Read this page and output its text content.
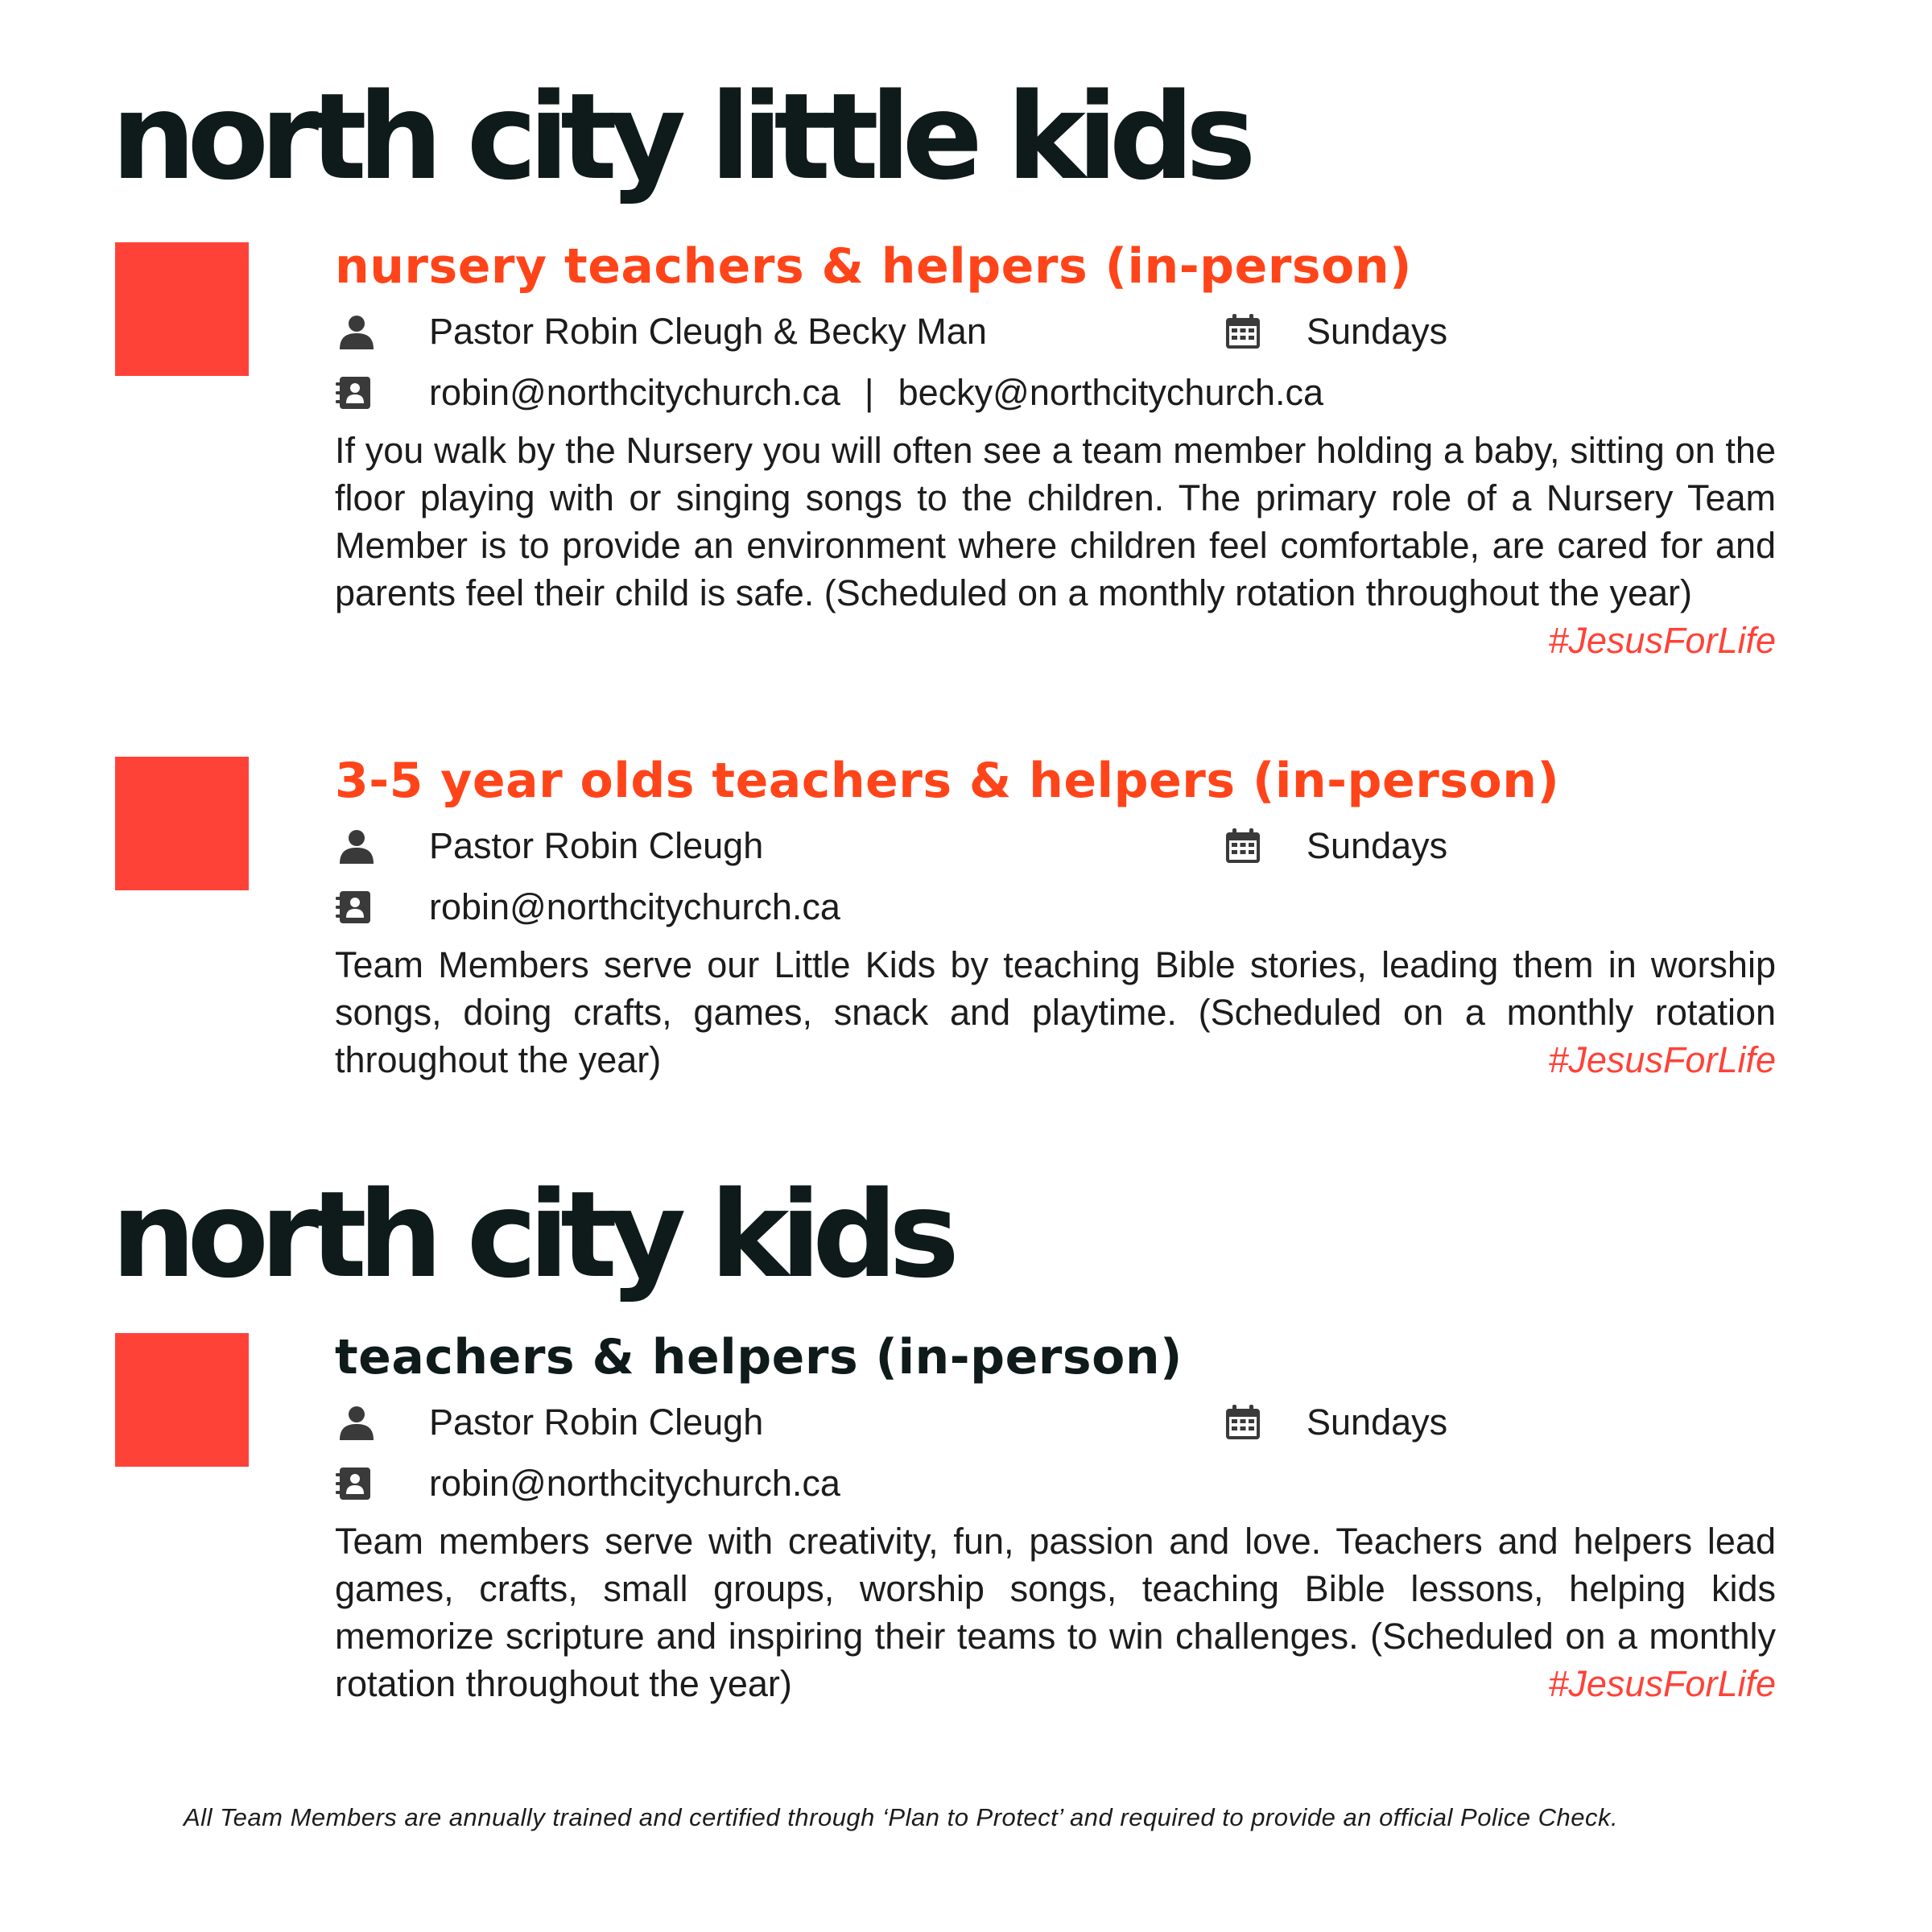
north city little kids
nursery teachers & helpers (in-person)
Pastor Robin Cleugh & Becky Man	Sundays
robin@northcitychurch.ca | becky@northcitychurch.ca

If you walk by the Nursery you will often see a team member holding a baby, sitting on the floor playing with or singing songs to the children. The primary role of a Nursery Team Member is to provide an environment where children feel comfortable, are cared for and parents feel their child is safe. (Scheduled on a monthly rotation throughout the year)
#JesusForLife

3-5 year olds teachers & helpers (in-person)
Pastor Robin Cleugh	Sundays
robin@northcitychurch.ca

Team Members serve our Little Kids by teaching Bible stories, leading them in worship songs, doing crafts, games, snack and playtime. (Scheduled on a monthly rotation throughout the year)	#JesusForLife

north city kids
teachers & helpers (in-person)
Pastor Robin Cleugh	Sundays
robin@northcitychurch.ca

Team members serve with creativity, fun, passion and love. Teachers and helpers lead games, crafts, small groups, worship songs, teaching Bible lessons, helping kids memorize scripture and inspiring their teams to win challenges. (Scheduled on a monthly rotation throughout the year)	#JesusForLife

All Team Members are annually trained and certified through ‘Plan to Protect’ and required to provide an official Police Check.
